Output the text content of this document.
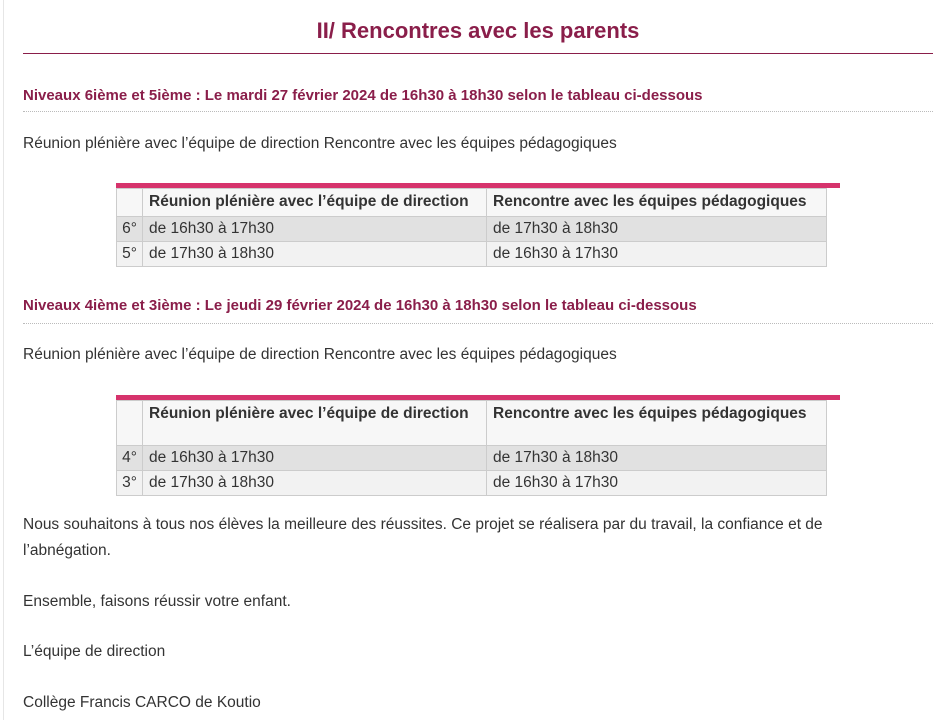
II/ Rencontres avec les parents
Niveaux 6ième et 5ième : Le mardi 27 février 2024 de 16h30 à 18h30 selon le tableau ci-dessous
Réunion plénière avec l’équipe de direction Rencontre avec les équipes pédagogiques
	Réunion plénière avec l’équipe de direction	Rencontre avec les équipes pédagogiques
6°	de 16h30 à 17h30	de 17h30 à 18h30
5°	de 17h30 à 18h30	de 16h30 à 17h30
Niveaux 4ième et 3ième : Le jeudi 29 février 2024 de 16h30 à 18h30 selon le tableau ci-dessous
Réunion plénière avec l’équipe de direction Rencontre avec les équipes pédagogiques
	Réunion plénière avec l’équipe de direction	Rencontre avec les équipes pédagogiques
4°	de 16h30 à 17h30	de 17h30 à 18h30
3°	de 17h30 à 18h30	de 16h30 à 17h30
Nous souhaitons à tous nos élèves la meilleure des réussites. Ce projet se réalisera par du travail, la confiance et de l’abnégation.
Ensemble, faisons réussir votre enfant.
L’équipe de direction
Collège Francis CARCO de Koutio
